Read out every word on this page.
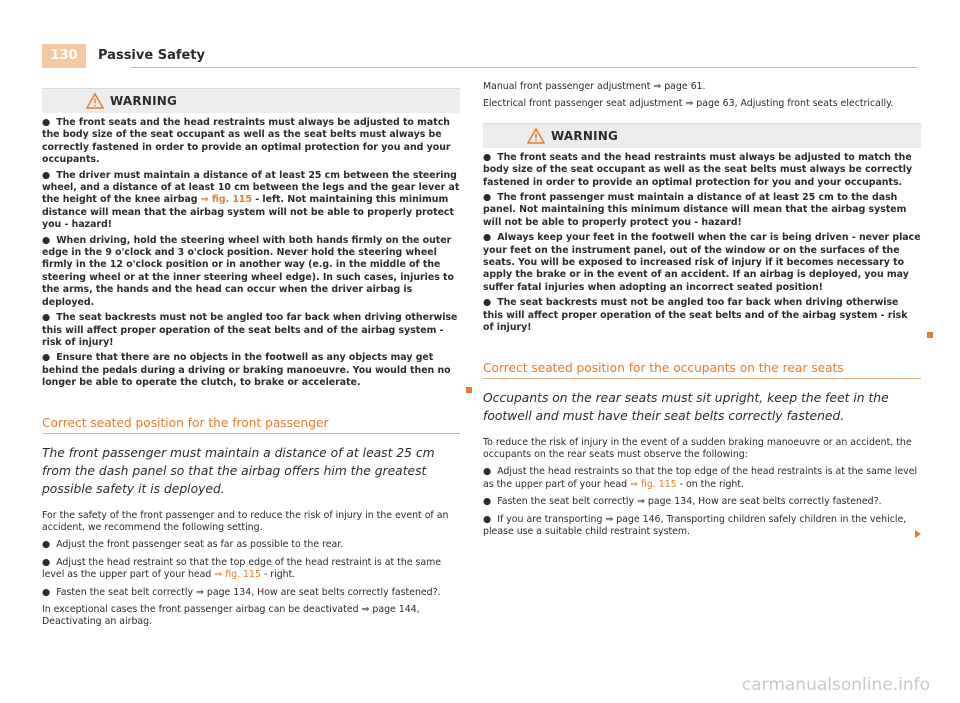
130	Passive Safety
WARNING

● The front seats and the head restraints must always be adjusted to match the body size of the seat occupant as well as the seat belts must always be correctly fastened in order to provide an optimal protection for you and your occupants.

● The driver must maintain a distance of at least 25 cm between the steering wheel, and a distance of at least 10 cm between the legs and the gear lever at the height of the knee airbag ⇒ fig. 115 - left. Not maintaining this minimum distance will mean that the airbag system will not be able to properly protect you - hazard!

● When driving, hold the steering wheel with both hands firmly on the outer edge in the 9 o'clock and 3 o'clock position. Never hold the steering wheel firmly in the 12 o'clock position or in another way (e.g. in the middle of the steering wheel or at the inner steering wheel edge). In such cases, injuries to the arms, the hands and the head can occur when the driver airbag is deployed.

● The seat backrests must not be angled too far back when driving otherwise this will affect proper operation of the seat belts and of the airbag system - risk of injury!

● Ensure that there are no objects in the footwell as any objects may get behind the pedals during a driving or braking manoeuvre. You would then no longer be able to operate the clutch, to brake or accelerate.

Correct seated position for the front passenger
The front passenger must maintain a distance of at least 25 cm from the dash panel so that the airbag offers him the greatest possible safety it is deployed.

For the safety of the front passenger and to reduce the risk of injury in the event of an accident, we recommend the following setting.

● Adjust the front passenger seat as far as possible to the rear.

● Adjust the head restraint so that the top edge of the head restraint is at the same level as the upper part of your head ⇒ fig. 115 - right.

● Fasten the seat belt correctly ⇒ page 134, How are seat belts correctly fastened?.

In exceptional cases the front passenger airbag can be deactivated ⇒ page 144, Deactivating an airbag.

Manual front passenger adjustment ⇒ page 61.

Electrical front passenger seat adjustment ⇒ page 63, Adjusting front seats electrically.

WARNING

● The front seats and the head restraints must always be adjusted to match the body size of the seat occupant as well as the seat belts must always be correctly fastened in order to provide an optimal protection for you and your occupants.

● The front passenger must maintain a distance of at least 25 cm to the dash panel. Not maintaining this minimum distance will mean that the airbag system will not be able to properly protect you - hazard!

● Always keep your feet in the footwell when the car is being driven - never place your feet on the instrument panel, out of the window or on the surfaces of the seats. You will be exposed to increased risk of injury if it becomes necessary to apply the brake or in the event of an accident. If an airbag is deployed, you may suffer fatal injuries when adopting an incorrect seated position!

● The seat backrests must not be angled too far back when driving otherwise this will affect proper operation of the seat belts and of the airbag system - risk of injury!

Correct seated position for the occupants on the rear seats
Occupants on the rear seats must sit upright, keep the feet in the footwell and must have their seat belts correctly fastened.

To reduce the risk of injury in the event of a sudden braking manoeuvre or an accident, the occupants on the rear seats must observe the following:

● Adjust the head restraints so that the top edge of the head restraints is at the same level as the upper part of your head ⇒ fig. 115 - on the right.

● Fasten the seat belt correctly ⇒ page 134, How are seat belts correctly fastened?.

● If you are transporting ⇒ page 146, Transporting children safely children in the vehicle, please use a suitable child restraint system.

carmanualsonline.info
